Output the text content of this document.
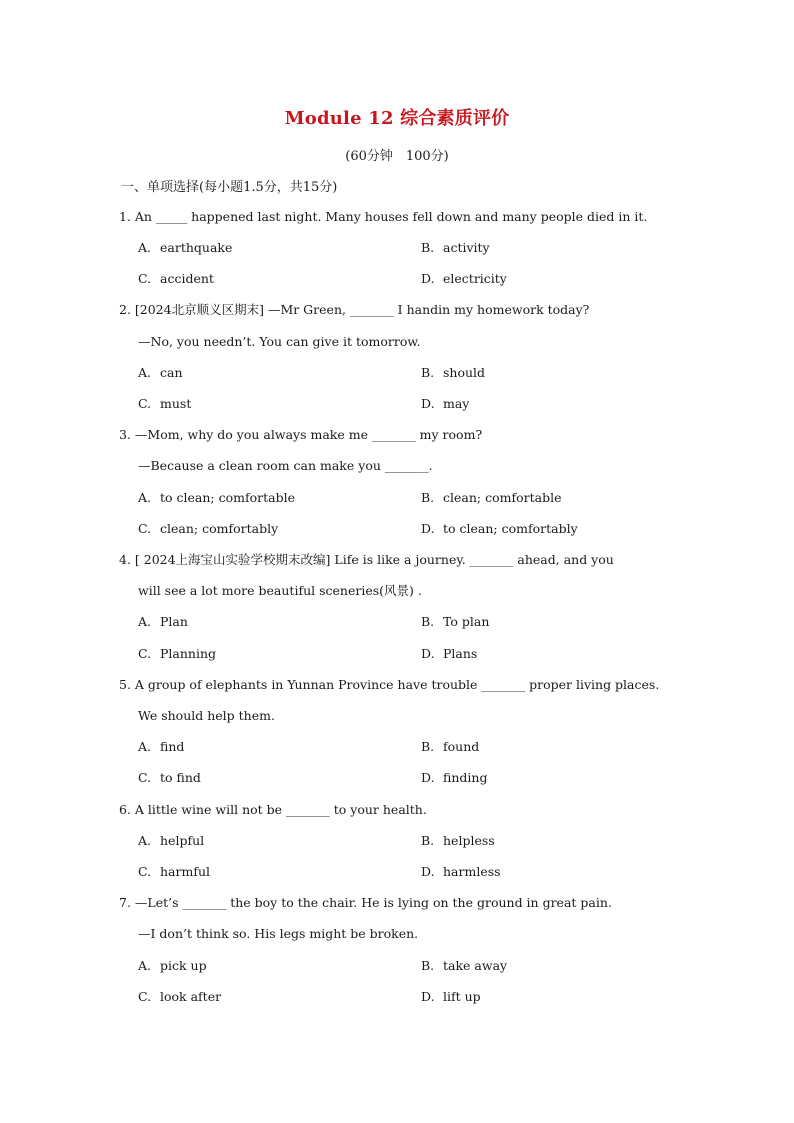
Module 12 综合素质评价
(60分钟　100分)
一、单项选择(每小题1.5分，共15分)
1. An _____ happened last night. Many houses fell down and many people died in it.
A. earthquake	B. activity
C. accident	D. electricity
2. [2024北京顺义区期末] —Mr Green, _______ I handin my homework today?
—No, you needn’t. You can give it tomorrow.
A. can	B. should
C. must	D. may
3. —Mom, why do you always make me _______ my room?
—Because a clean room can make you _______.
A. to clean; comfortable	B. clean; comfortable
C. clean; comfortably	D. to clean; comfortably
4. [ 2024上海宝山实验学校期末改编] Life is like a journey. _______ ahead, and you
will see a lot more beautiful sceneries(风景) .
A. Plan	B. To plan
C. Planning	D. Plans
5. A group of elephants in Yunnan Province have trouble _______ proper living places.
We should help them.
A. find	B. found
C. to find	D. finding
6. A little wine will not be _______ to your health.
A. helpful	B. helpless
C. harmful	D. harmless
7. —Let’s _______ the boy to the chair. He is lying on the ground in great pain.
—I don’t think so. His legs might be broken.
A. pick up	B. take away
C. look after	D. lift up
